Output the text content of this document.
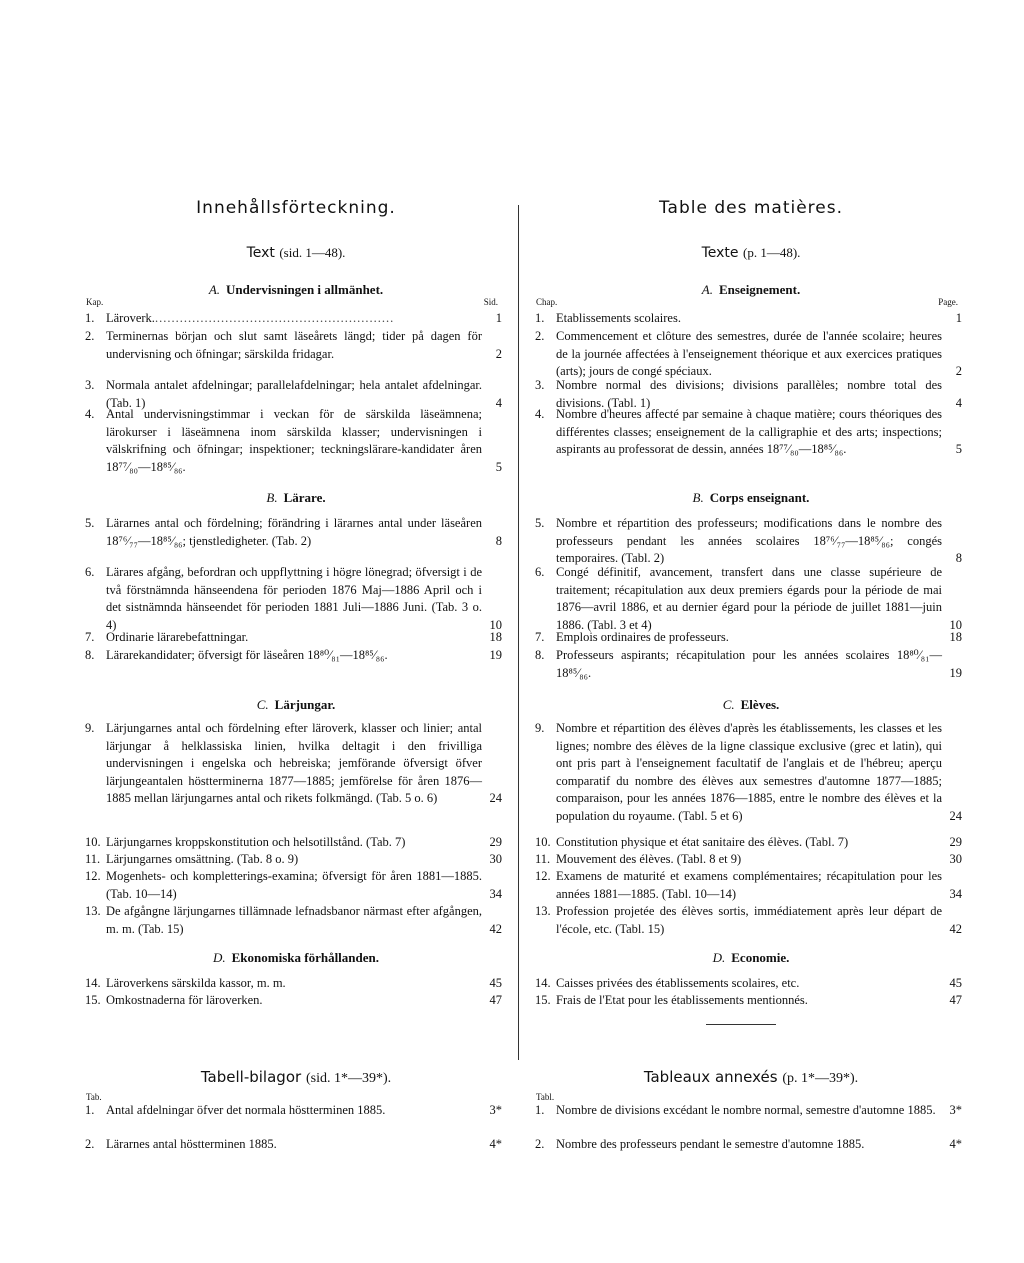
Innehållsförteckning.
Text (sid. 1—48).
A. Undervisningen i allmänhet.
Kap.	Sid.
1. Läroverk...........................................................	1
2. Terminernas början och slut samt läseårets längd; tider på dagen för undervisning och öfningar; särskilda fridagar.	2
3. Normala antalet afdelningar; parallelafdelningar; hela antalet afdelningar. (Tab. 1)	4
4. Antal undervisningstimmar i veckan för de särskilda läseämnena; lärokurser i läseämnena inom särskilda klasser; undervisningen i välskrifning och öfningar; inspektioner; teckningslärare-kandidater åren 18⁷⁷⁄₈₀—18⁸⁵⁄₈₆.	5
B. Lärare.
5. Lärarnes antal och fördelning; förändring i lärarnes antal under läseåren 18⁷⁶⁄₇₇—18⁸⁵⁄₈₆; tjenstledigheter. (Tab. 2)	8
6. Lärares afgång, befordran och uppflyttning i högre lönegrad; öfversigt i de två förstnämnda hänseendena för perioden 1876 Maj—1886 April och i det sistnämnda hänseendet för perioden 1881 Juli—1886 Juni. (Tab. 3 o. 4)	10
7. Ordinarie lärarebefattningar.	18
8. Lärarekandidater; öfversigt för läseåren 18⁸⁰⁄₈₁—18⁸⁵⁄₈₆.	19
C. Lärjungar.
9. Lärjungarnes antal och fördelning efter läroverk, klasser och linier; antal lärjungar å helklassiska linien, hvilka deltagit i den frivilliga undervisningen i engelska och hebreiska; jemförande öfversigt öfver lärjungeantalen höstterminerna 1877—1885; jemförelse för åren 1876—1885 mellan lärjungarnes antal och rikets folkmängd. (Tab. 5 o. 6)	24
10. Lärjungarnes kroppskonstitution och helsotillstånd. (Tab. 7)	29
11. Lärjungarnes omsättning. (Tab. 8 o. 9)	30
12. Mogenhets- och kompletterings-examina; öfversigt för åren 1881—1885. (Tab. 10—14)	34
13. De afgångne lärjungarnes tillämnade lefnadsbanor närmast efter afgången, m. m. (Tab. 15)	42
D. Ekonomiska förhållanden.
14. Läroverkens särskilda kassor, m. m.	45
15. Omkostnaderna för läroverken.	47
Tabell-bilagor (sid. 1*—39*).
Tab.
1. Antal afdelningar öfver det normala höstterminen 1885.	3*
2. Lärarnes antal höstterminen 1885.	4*
Table des matières.
Texte (p. 1—48).
A. Enseignement.
Chap.	Page.
1. Etablissements scolaires.	1
2. Commencement et clôture des semestres, durée de l'année scolaire; heures de la journée affectées à l'enseignement théorique et aux exercices pratiques (arts); jours de congé spéciaux.	2
3. Nombre normal des divisions; divisions parallèles; nombre total des divisions. (Tabl. 1)	4
4. Nombre d'heures affecté par semaine à chaque matière; cours théoriques des différentes classes; enseignement de la calligraphie et des arts; inspections; aspirants au professorat de dessin, années 18⁷⁷⁄₈₀—18⁸⁵⁄₈₆.	5
B. Corps enseignant.
5. Nombre et répartition des professeurs; modifications dans le nombre des professeurs pendant les années scolaires 18⁷⁶⁄₇₇—18⁸⁵⁄₈₆; congés temporaires. (Tabl. 2)	8
6. Congé définitif, avancement, transfert dans une classe supérieure de traitement; récapitulation aux deux premiers égards pour la période de mai 1876—avril 1886, et au dernier égard pour la période de juillet 1881—juin 1886. (Tabl. 3 et 4)	10
7. Emplois ordinaires de professeurs.	18
8. Professeurs aspirants; récapitulation pour les années scolaires 18⁸⁰⁄₈₁—18⁸⁵⁄₈₆.	19
C. Elèves.
9. Nombre et répartition des élèves d'après les établissements, les classes et les lignes; nombre des élèves de la ligne classique exclusive (grec et latin), qui ont pris part à l'enseignement facultatif de l'anglais et de l'hébreu; aperçu comparatif du nombre des élèves aux semestres d'automne 1877—1885; comparaison, pour les années 1876—1885, entre le nombre des élèves et la population du royaume. (Tabl. 5 et 6)	24
10. Constitution physique et état sanitaire des élèves. (Tabl. 7)	29
11. Mouvement des élèves. (Tabl. 8 et 9)	30
12. Examens de maturité et examens complémentaires; récapitulation pour les années 1881—1885. (Tabl. 10—14)	34
13. Profession projetée des élèves sortis, immédiatement après leur départ de l'école, etc. (Tabl. 15)	42
D. Economie.
14. Caisses privées des établissements scolaires, etc.	45
15. Frais de l'Etat pour les établissements mentionnés.	47
Tableaux annexés (p. 1*—39*).
Tabl.
1. Nombre de divisions excédant le nombre normal, semestre d'automne 1885.	3*
2. Nombre des professeurs pendant le semestre d'automne 1885.	4*
